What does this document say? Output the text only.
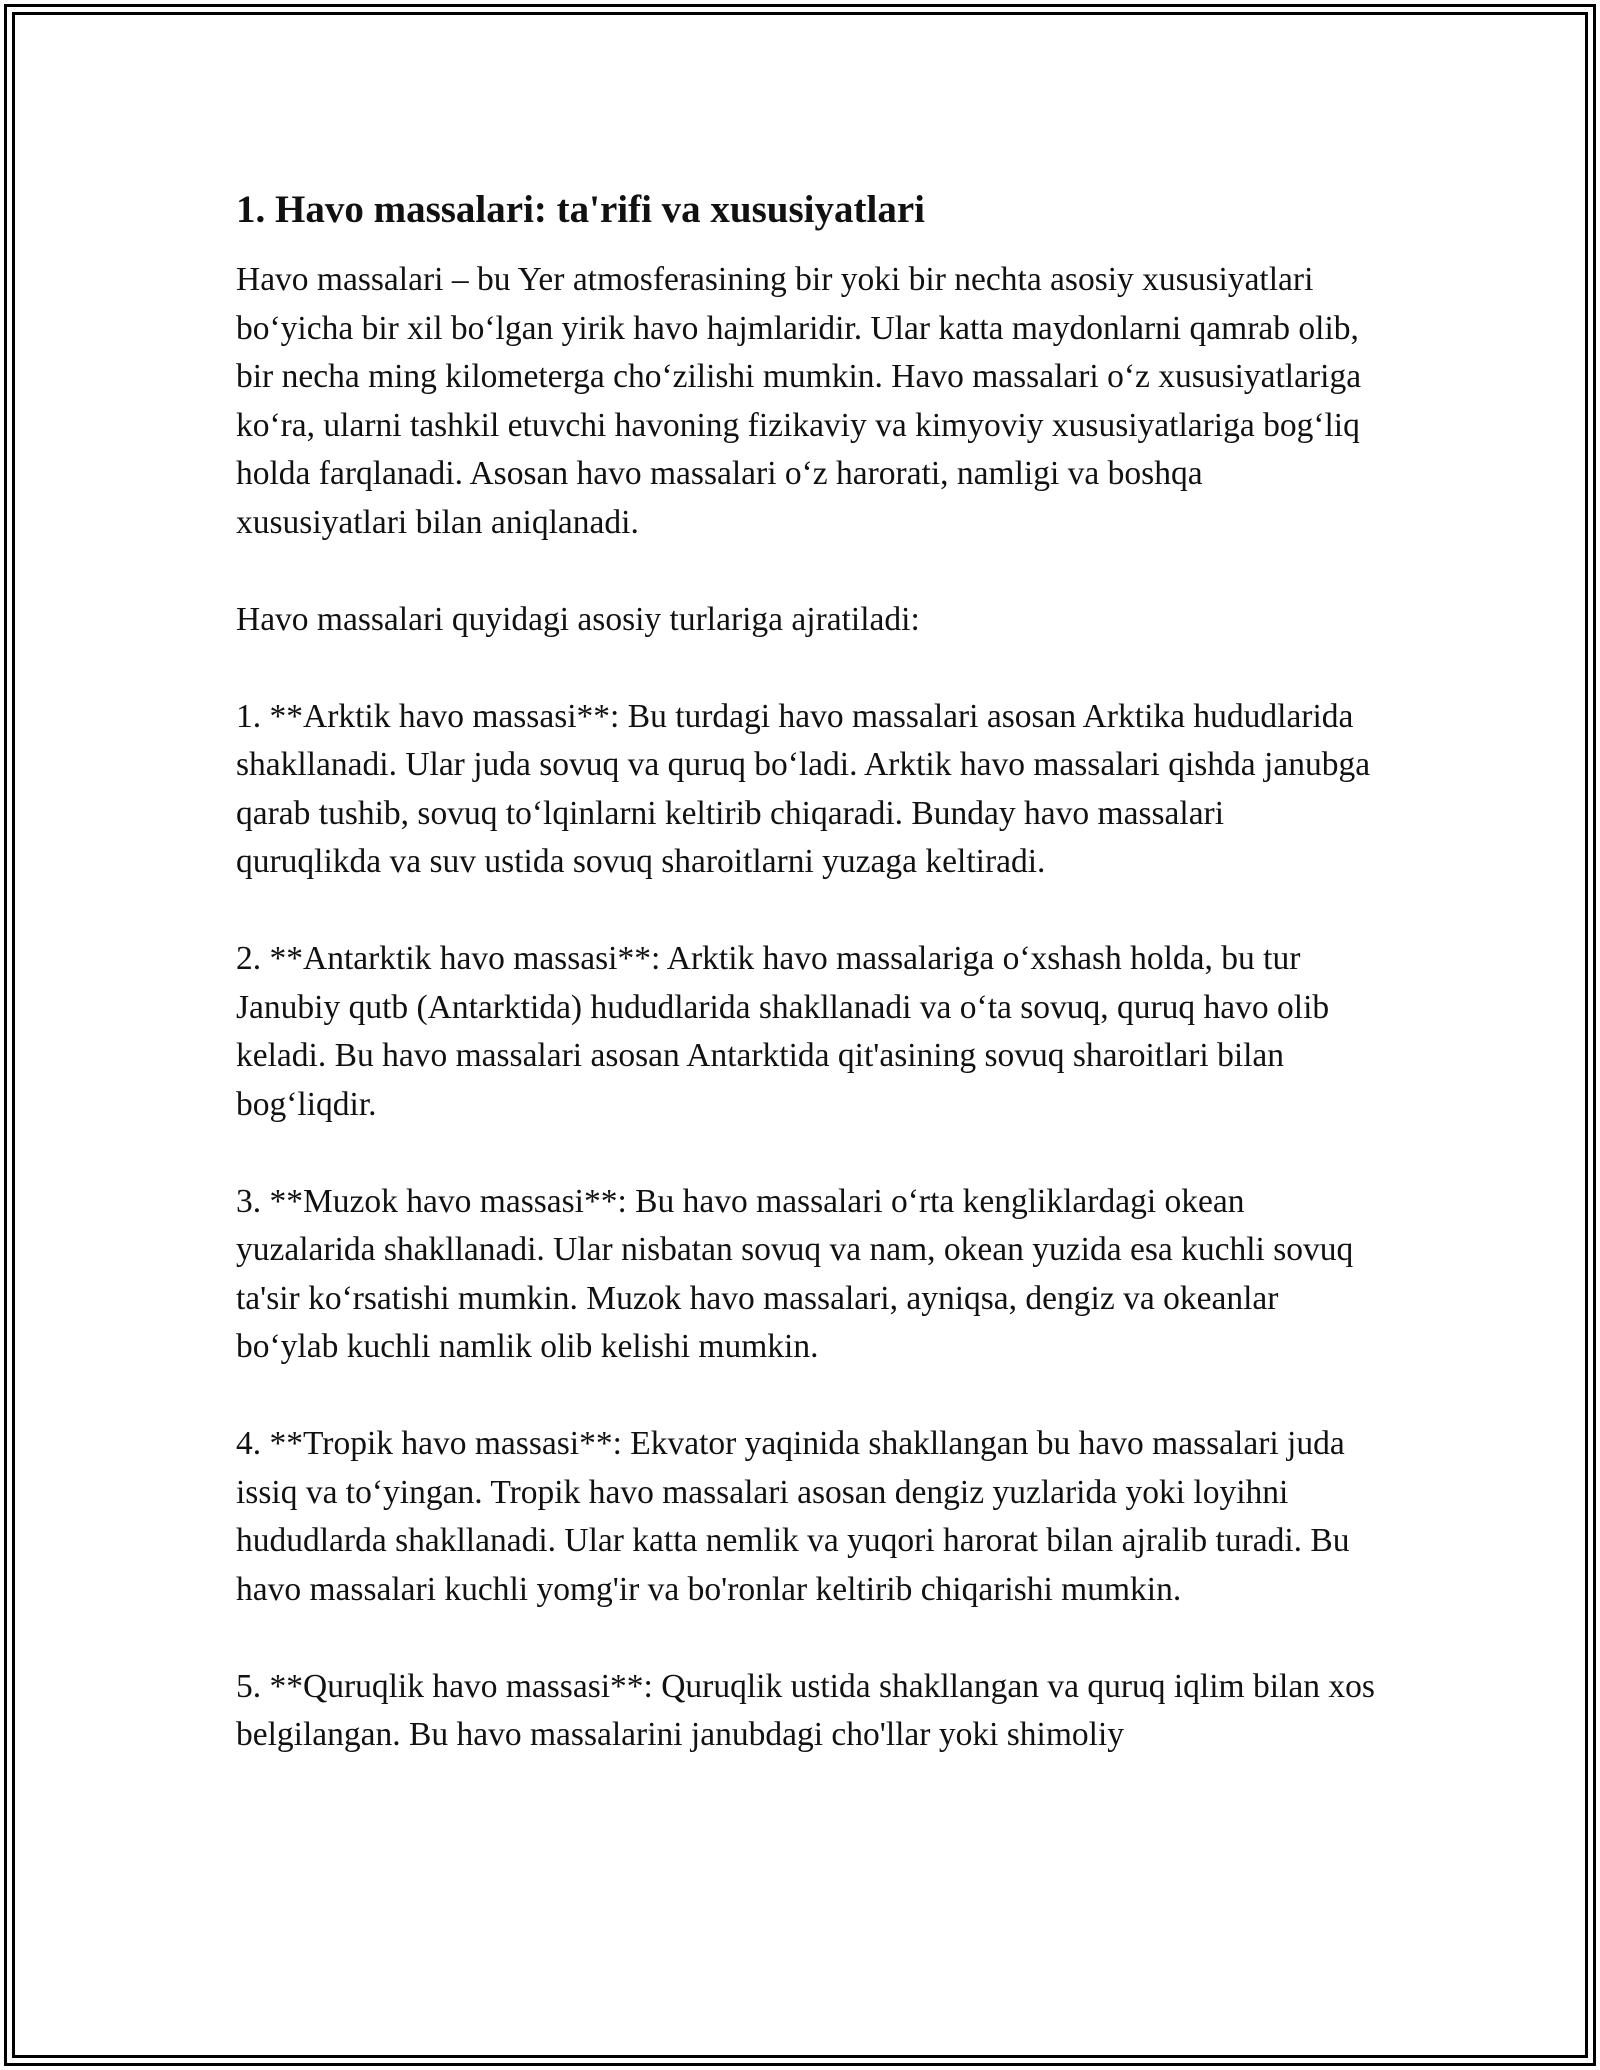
1. Havo massalari: ta'rifi va xususiyatlari

Havo massalari – bu Yer atmosferasining bir yoki bir nechta asosiy xususiyatlari bo‘yicha bir xil bo‘lgan yirik havo hajmlaridir. Ular katta maydonlarni qamrab olib, bir necha ming kilometerga cho‘zilishi mumkin. Havo massalari o‘z xususiyatlariga ko‘ra, ularni tashkil etuvchi havoning fizikaviy va kimyoviy xususiyatlariga bog‘liq holda farqlanadi. Asosan havo massalari o‘z harorati, namligi va boshqa xususiyatlari bilan aniqlanadi.

Havo massalari quyidagi asosiy turlariga ajratiladi:

1. **Arktik havo massasi**: Bu turdagi havo massalari asosan Arktika hududlarida shakllanadi. Ular juda sovuq va quruq bo‘ladi. Arktik havo massalari qishda janubga qarab tushib, sovuq to‘lqinlarni keltirib chiqaradi. Bunday havo massalari quruqlikda va suv ustida sovuq sharoitlarni yuzaga keltiradi.

2. **Antarktik havo massasi**: Arktik havo massalariga o‘xshash holda, bu tur Janubiy qutb (Antarktida) hududlarida shakllanadi va o‘ta sovuq, quruq havo olib keladi. Bu havo massalari asosan Antarktida qit'asining sovuq sharoitlari bilan bog‘liqdir.

3. **Muzok havo massasi**: Bu havo massalari o‘rta kengliklardagi okean yuzalarida shakllanadi. Ular nisbatan sovuq va nam, okean yuzida esa kuchli sovuq ta'sir ko‘rsatishi mumkin. Muzok havo massalari, ayniqsa, dengiz va okeanlar bo‘ylab kuchli namlik olib kelishi mumkin.

4. **Tropik havo massasi**: Ekvator yaqinida shakllangan bu havo massalari juda issiq va to‘yingan. Tropik havo massalari asosan dengiz yuzlarida yoki loyihni hududlarda shakllanadi. Ular katta nemlik va yuqori harorat bilan ajralib turadi. Bu havo massalari kuchli yomg'ir va bo'ronlar keltirib chiqarishi mumkin.

5. **Quruqlik havo massasi**: Quruqlik ustida shakllangan va quruq iqlim bilan xos belgilangan. Bu havo massalarini janubdagi cho'llar yoki shimoliy
